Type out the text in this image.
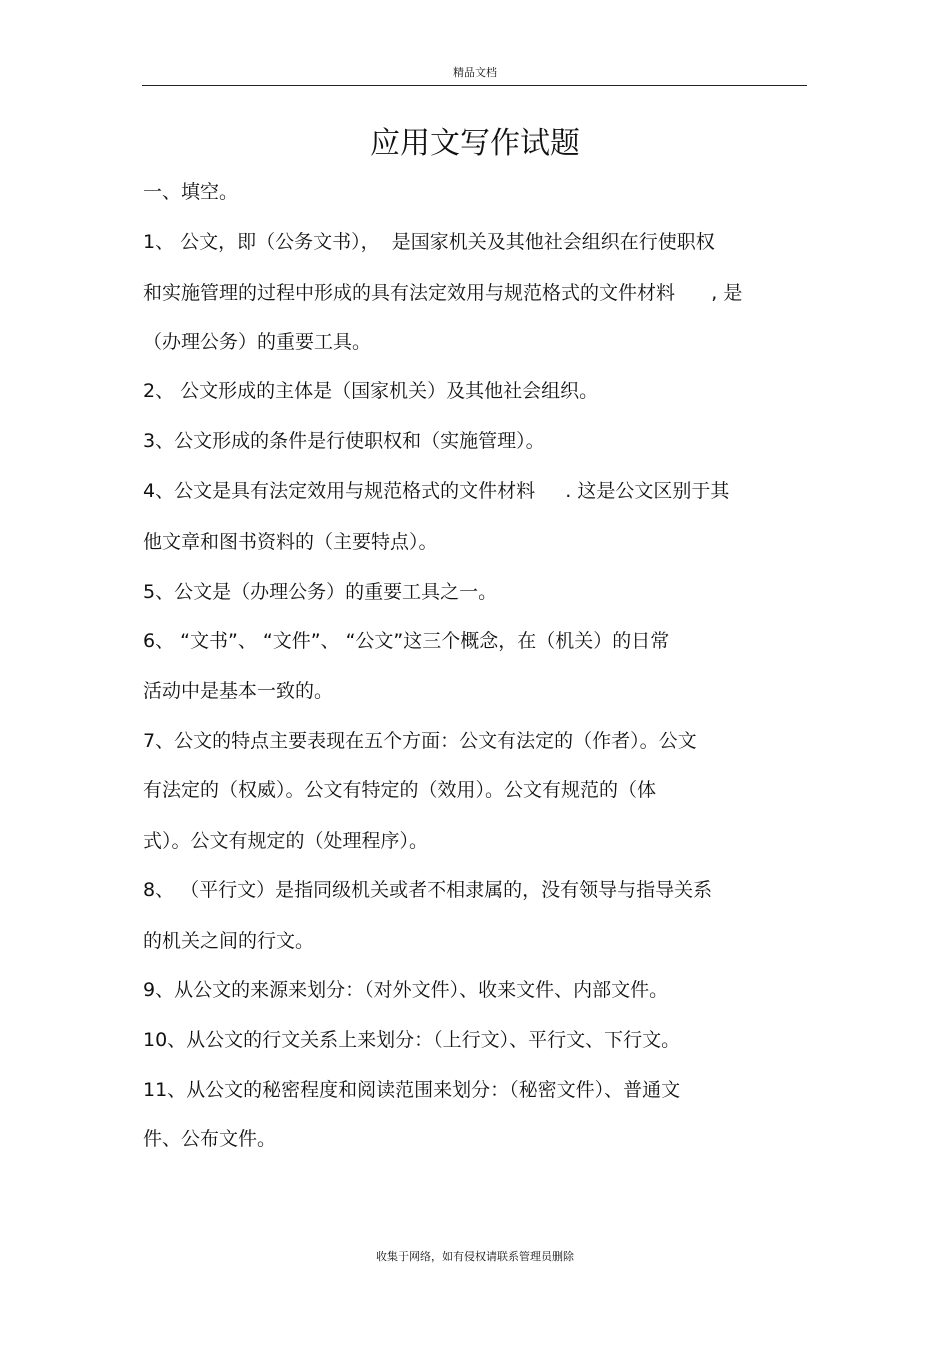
精品文档
应用文写作试题
一、填空。
1、 公文，即（公务文书），  是国家机关及其他社会组织在行使职权
和实施管理的过程中形成的具有法定效用与规范格式的文件材料      , 是
（办理公务）的重要工具。
2、 公文形成的主体是（国家机关）及其他社会组织。
3、公文形成的条件是行使职权和（实施管理）。
4、公文是具有法定效用与规范格式的文件材料     . 这是公文区别于其
他文章和图书资料的（主要特点）。
5、公文是（办理公务）的重要工具之一。
6、 “文书”、 “文件”、 “公文”这三个概念，在（机关）的日常
活动中是基本一致的。
7、公文的特点主要表现在五个方面：公文有法定的（作者）。公文
有法定的（权威）。公文有特定的（效用）。公文有规范的（体
式）。公文有规定的（处理程序）。
8、 （平行文）是指同级机关或者不相隶属的，没有领导与指导关系
的机关之间的行文。
9、从公文的来源来划分：（对外文件）、收来文件、内部文件。
10、从公文的行文关系上来划分：（上行文）、平行文、下行文。
11、从公文的秘密程度和阅读范围来划分：（秘密文件）、普通文
件、公布文件。
收集于网络，如有侵权请联系管理员删除
